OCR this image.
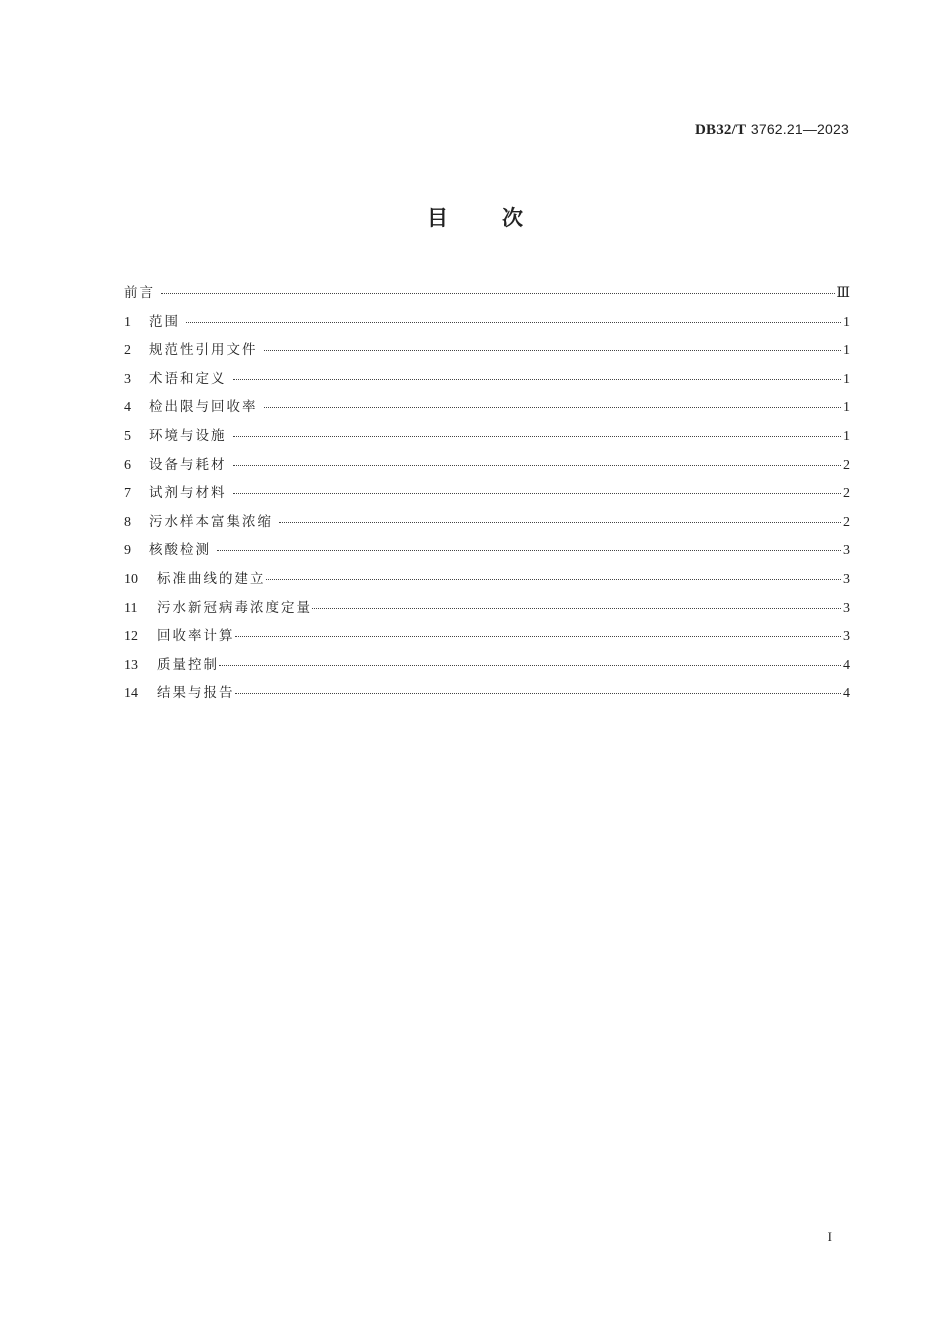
DB32/T 3762.21—2023
目	次
前言	Ⅲ
1	范围	1
2	规范性引用文件	1
3	术语和定义	1
4	检出限与回收率	1
5	环境与设施	1
6	设备与耗材	2
7	试剂与材料	2
8	污水样本富集浓缩	2
9	核酸检测	3
10	标准曲线的建立	3
11	污水新冠病毒浓度定量	3
12	回收率计算	3
13	质量控制	4
14	结果与报告	4
I
